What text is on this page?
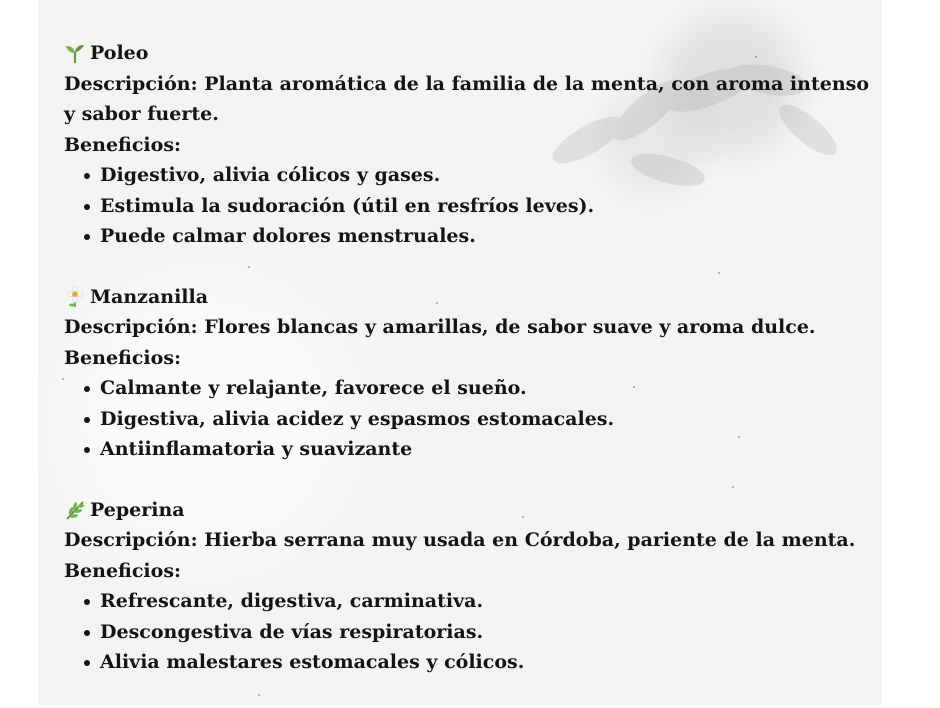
Poleo
Descripción: Planta aromática de la familia de la menta, con aroma intenso y sabor fuerte.
Beneficios:
Digestivo, alivia cólicos y gases.
Estimula la sudoración (útil en resfríos leves).
Puede calmar dolores menstruales.
Manzanilla
Descripción: Flores blancas y amarillas, de sabor suave y aroma dulce.
Beneficios:
Calmante y relajante, favorece el sueño.
Digestiva, alivia acidez y espasmos estomacales.
Antiinflamatoria y suavizante
Peperina
Descripción: Hierba serrana muy usada en Córdoba, pariente de la menta.
Beneficios:
Refrescante, digestiva, carminativa.
Descongestiva de vías respiratorias.
Alivia malestares estomacales y cólicos.
